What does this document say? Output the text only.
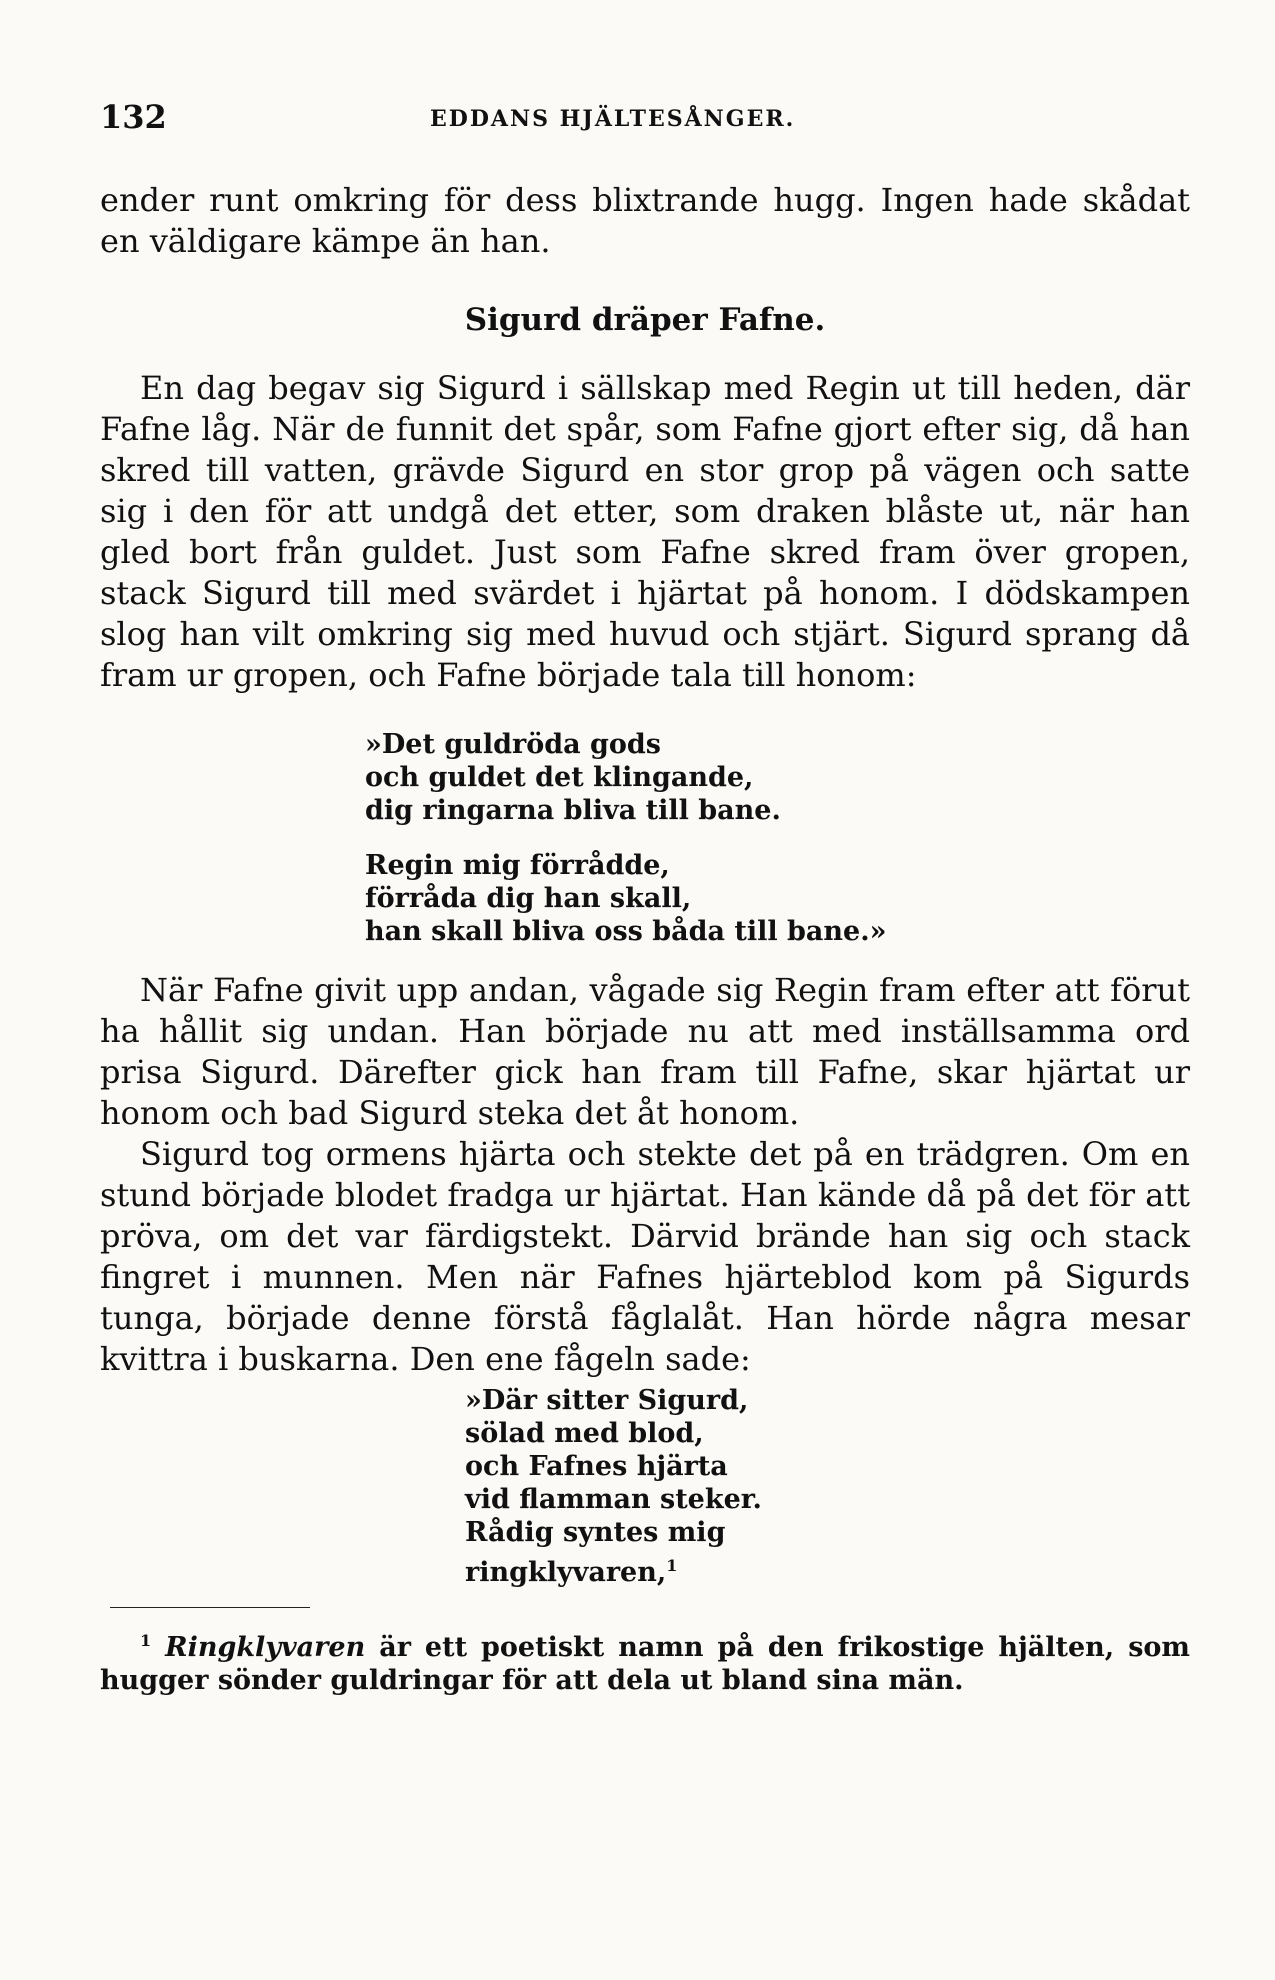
132	EDDANS HJÄLTESÅNGER.

ender runt omkring för dess blixtrande hugg. Ingen hade skådat en väldigare kämpe än han.

Sigurd dräper Fafne.

En dag begav sig Sigurd i sällskap med Regin ut till heden, där Fafne låg. När de funnit det spår, som Fafne gjort efter sig, då han skred till vatten, grävde Sigurd en stor grop på vägen och satte sig i den för att undgå det etter, som draken blåste ut, när han gled bort från guldet. Just som Fafne skred fram över gropen, stack Sigurd till med svärdet i hjärtat på honom. I dödskampen slog han vilt omkring sig med huvud och stjärt. Sigurd sprang då fram ur gropen, och Fafne började tala till honom:

»Det guldröda gods
och guldet det klingande,
dig ringarna bliva till bane.
Regin mig förrådde,
förråda dig han skall,
han skall bliva oss båda till bane.»

När Fafne givit upp andan, vågade sig Regin fram efter att förut ha hållit sig undan. Han började nu att med inställsamma ord prisa Sigurd. Därefter gick han fram till Fafne, skar hjärtat ur honom och bad Sigurd steka det åt honom.

Sigurd tog ormens hjärta och stekte det på en trädgren. Om en stund började blodet fradga ur hjärtat. Han kände då på det för att pröva, om det var färdigstekt. Därvid brände han sig och stack fingret i munnen. Men när Fafnes hjärteblod kom på Sigurds tunga, började denne förstå fåglalåt. Han hörde några mesar kvittra i buskarna. Den ene fågeln sade:

»Där sitter Sigurd,
sölad med blod,
och Fafnes hjärta
vid flamman steker.
Rådig syntes mig
ringklyvaren,$^1$

$^1$ Ringklyvaren är ett poetiskt namn på den frikostige hjälten, som hugger sönder guldringar för att dela ut bland sina män.
